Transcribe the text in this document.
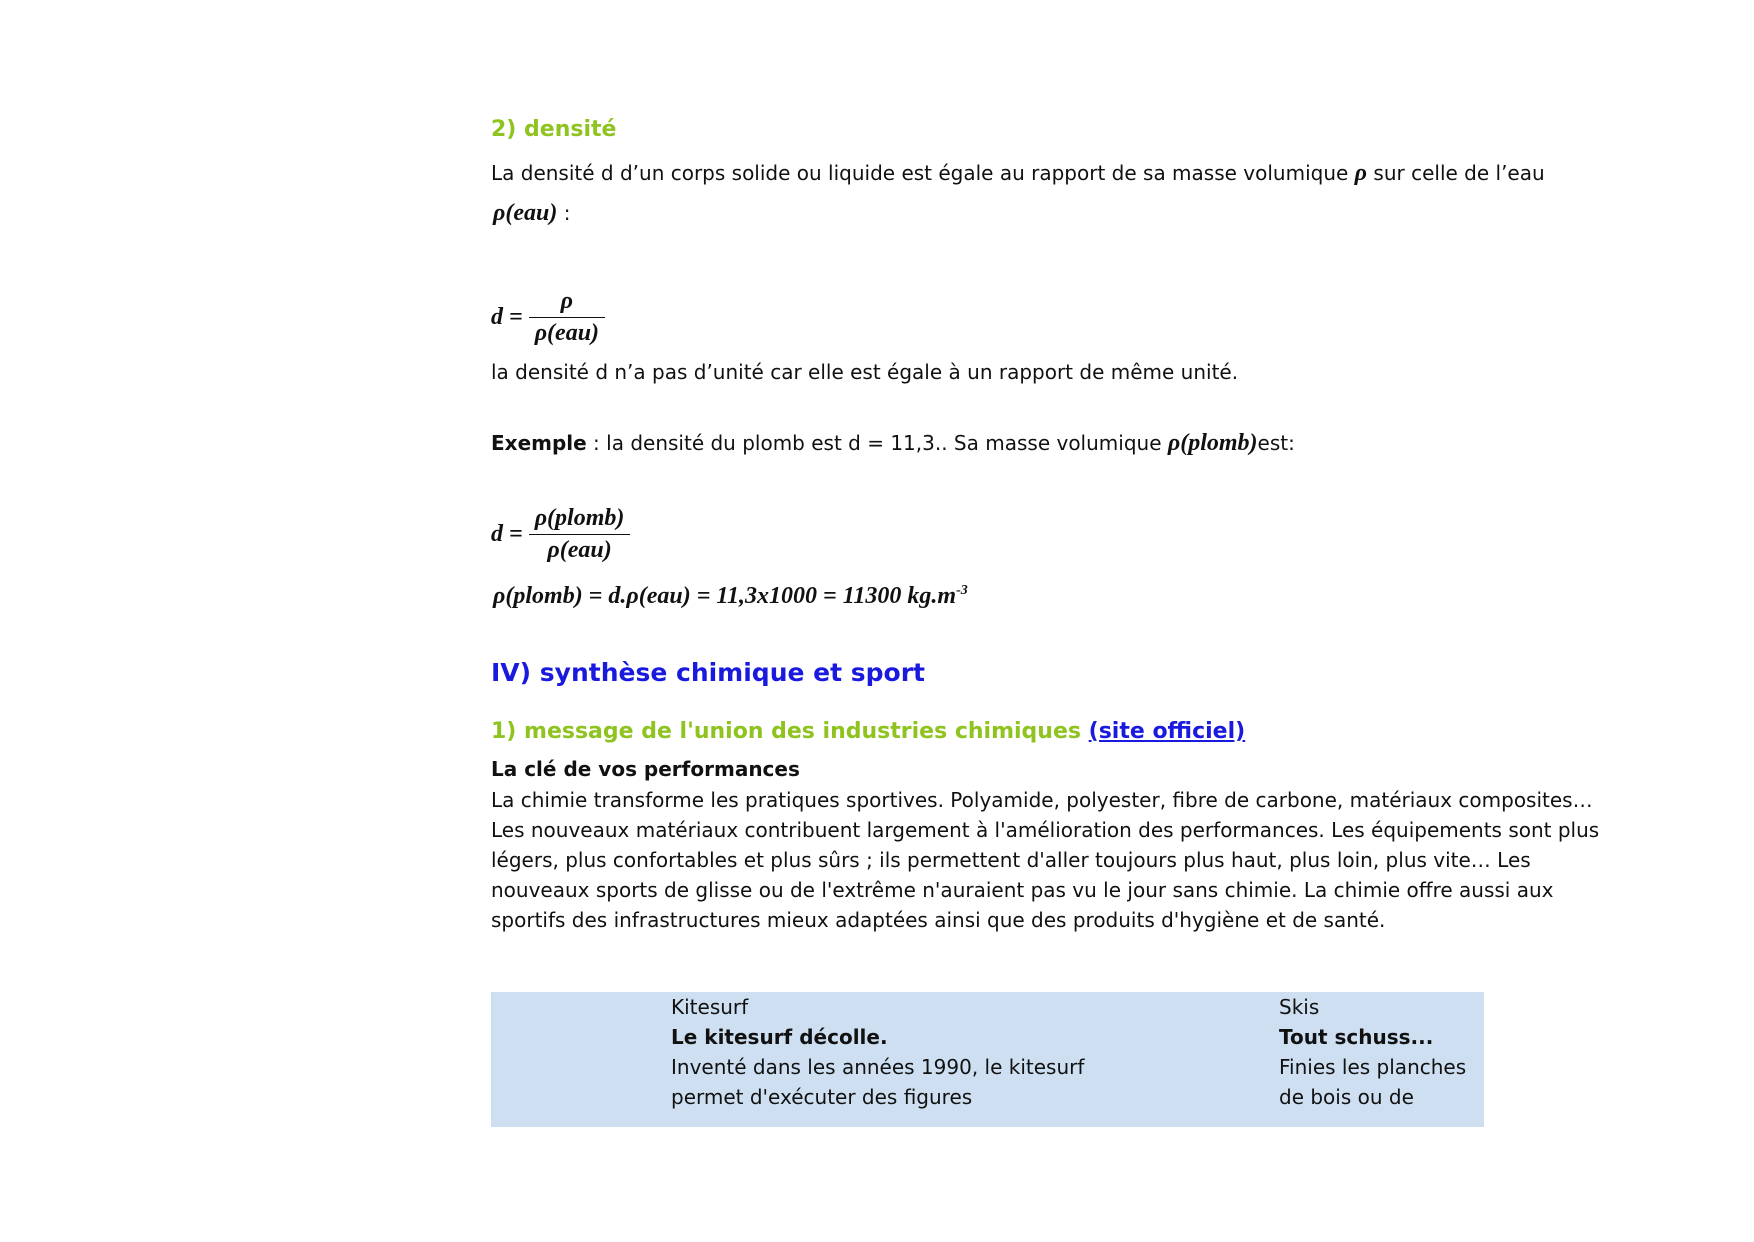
2) densité
La densité d d’un corps solide ou liquide est égale au rapport de sa masse volumique ρ sur celle de l’eau
ρ(eau) :
$d = \frac{\rho}{\text{ρ(eau)}}$
la densité d n’a pas d’unité car elle est égale à un rapport de même unité.
Exemple : la densité du plomb est d = 11,3.. Sa masse volumique ρ(plomb)est:
$d = \frac{\text{ρ(plomb)}}{\text{ρ(eau)}}$
ρ(plomb) = d.ρ(eau) = 11,3x1000 = 11300 $kg.m^{-3}$
IV) synthèse chimique et sport
1) message de l'union des industries chimiques (site officiel)
La clé de vos performances
La chimie transforme les pratiques sportives. Polyamide, polyester, fibre de carbone, matériaux composites… Les nouveaux matériaux contribuent largement à l'amélioration des performances. Les équipements sont plus légers, plus confortables et plus sûrs ; ils permettent d'aller toujours plus haut, plus loin, plus vite… Les nouveaux sports de glisse ou de l'extrême n'auraient pas vu le jour sans chimie. La chimie offre aussi aux sportifs des infrastructures mieux adaptées ainsi que des produits d'hygiène et de santé.
Kitesurf
Le kitesurf décolle.
Inventé dans les années 1990, le kitesurf
permet d'exécuter des figures
Skis
Tout schuss...
Finies les planches
de bois ou de
